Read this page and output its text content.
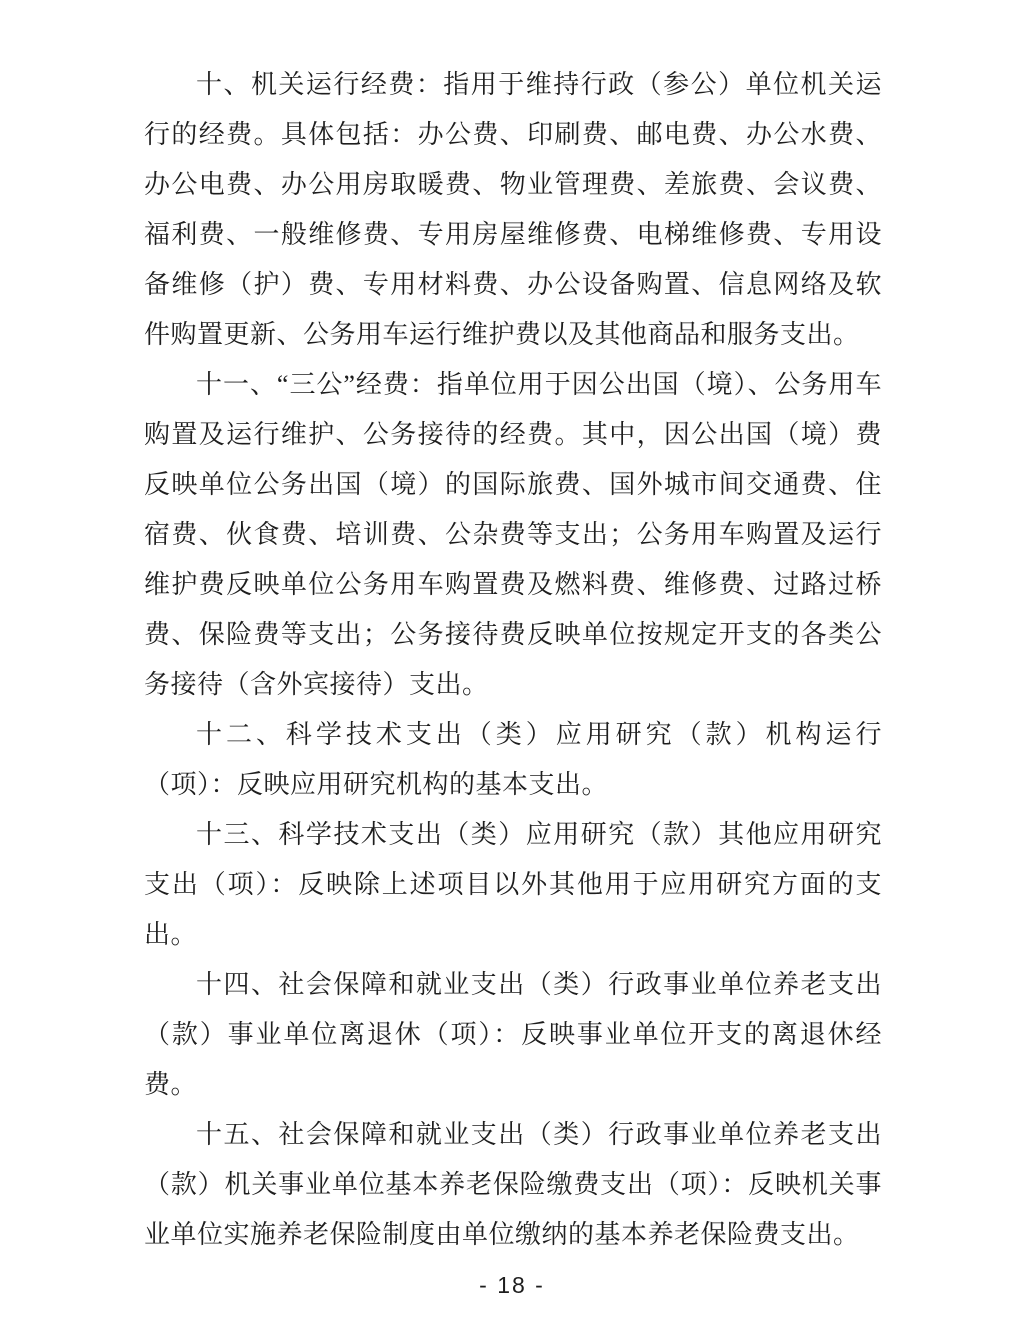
十、机关运行经费：指用于维持行政（参公）单位机关运行的经费。具体包括：办公费、印刷费、邮电费、办公水费、办公电费、办公用房取暖费、物业管理费、差旅费、会议费、福利费、一般维修费、专用房屋维修费、电梯维修费、专用设备维修（护）费、专用材料费、办公设备购置、信息网络及软件购置更新、公务用车运行维护费以及其他商品和服务支出。

十一、“三公”经费：指单位用于因公出国（境）、公务用车购置及运行维护、公务接待的经费。其中，因公出国（境）费反映单位公务出国（境）的国际旅费、国外城市间交通费、住宿费、伙食费、培训费、公杂费等支出；公务用车购置及运行维护费反映单位公务用车购置费及燃料费、维修费、过路过桥费、保险费等支出；公务接待费反映单位按规定开支的各类公务接待（含外宾接待）支出。

十二、科学技术支出（类）应用研究（款）机构运行（项）：反映应用研究机构的基本支出。

十三、科学技术支出（类）应用研究（款）其他应用研究支出（项）：反映除上述项目以外其他用于应用研究方面的支出。

十四、社会保障和就业支出（类）行政事业单位养老支出（款）事业单位离退休（项）：反映事业单位开支的离退休经费。

十五、社会保障和就业支出（类）行政事业单位养老支出（款）机关事业单位基本养老保险缴费支出（项）：反映机关事业单位实施养老保险制度由单位缴纳的基本养老保险费支出。

- 18 -
